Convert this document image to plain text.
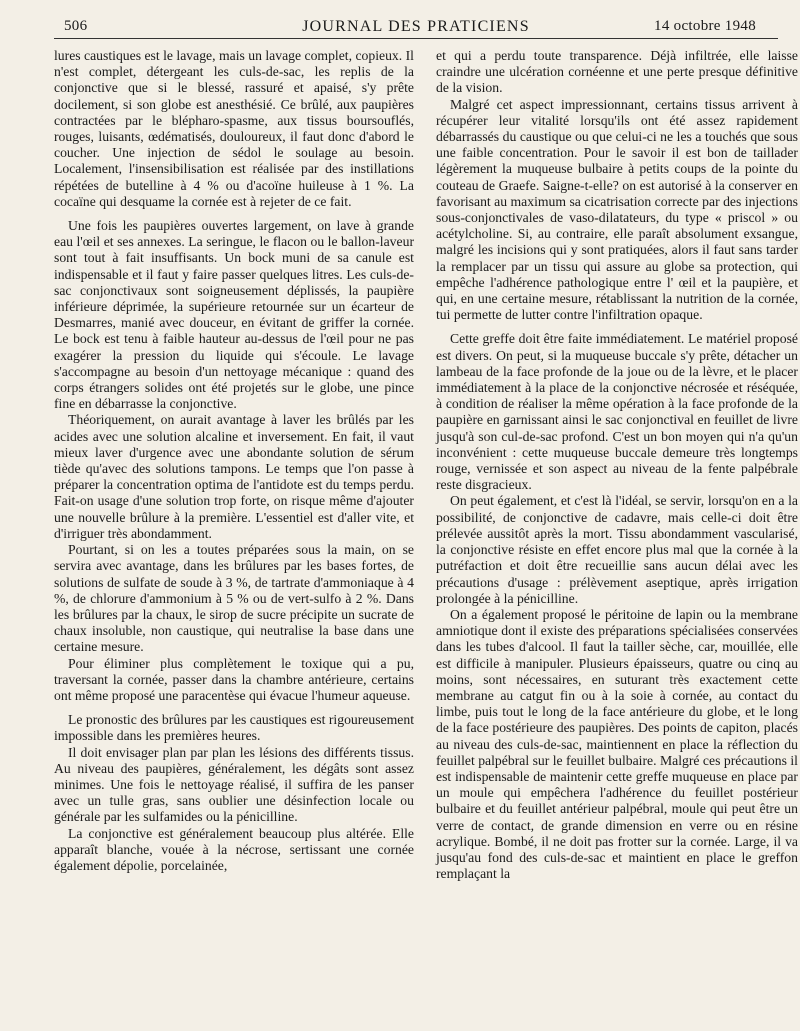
506	JOURNAL DES PRATICIENS	14 octobre 1948

lures caustiques est le lavage, mais un lavage complet, copieux. Il n'est complet, détergeant les culs-de-sac, les replis de la conjonctive que si le blessé, rassuré et apaisé, s'y prête docilement, si son globe est anesthésié. Ce brûlé, aux paupières contractées par le blépharo-spasme, aux tissus boursouflés, rouges, luisants, œdématisés, douloureux, il faut donc d'abord le coucher. Une injection de sédol le soulage au besoin. Localement, l'insensibilisation est réalisée par des instillations répétées de butelline à 4 % ou d'acoïne huileuse à 1 %. La cocaïne qui desquame la cornée est à rejeter de ce fait.

Une fois les paupières ouvertes largement, on lave à grande eau l'œil et ses annexes. La seringue, le flacon ou le ballon-laveur sont tout à fait insuffisants. Un bock muni de sa canule est indispensable et il faut y faire passer quelques litres. Les culs-de-sac conjonctivaux sont soigneusement déplissés, la paupière inférieure déprimée, la supérieure retournée sur un écarteur de Desmarres, manié avec douceur, en évitant de griffer la cornée. Le bock est tenu à faible hauteur au-dessus de l'œil pour ne pas exagérer la pression du liquide qui s'écoule. Le lavage s'accompagne au besoin d'un nettoyage mécanique : quand des corps étrangers solides ont été projetés sur le globe, une pince fine en débarrasse la conjonctive.

Théoriquement, on aurait avantage à laver les brûlés par les acides avec une solution alcaline et inversement. En fait, il vaut mieux laver d'urgence avec une abondante solution de sérum tiède qu'avec des solutions tampons. Le temps que l'on passe à préparer la concentration optima de l'antidote est du temps perdu. Fait-on usage d'une solution trop forte, on risque même d'ajouter une nouvelle brûlure à la première. L'essentiel est d'aller vite, et d'irriguer très abondamment.

Pourtant, si on les a toutes préparées sous la main, on se servira avec avantage, dans les brûlures par les bases fortes, de solutions de sulfate de soude à 3 %, de tartrate d'ammoniaque à 4 %, de chlorure d'ammonium à 5 % ou de vert-sulfo à 2 %. Dans les brûlures par la chaux, le sirop de sucre précipite un sucrate de chaux insoluble, non caustique, qui neutralise la base dans une certaine mesure.

Pour éliminer plus complètement le toxique qui a pu, traversant la cornée, passer dans la chambre antérieure, certains ont même proposé une paracentèse qui évacue l'humeur aqueuse.

Le pronostic des brûlures par les caustiques est rigoureusement impossible dans les premières heures.

Il doit envisager plan par plan les lésions des différents tissus. Au niveau des paupières, généralement, les dégâts sont assez minimes. Une fois le nettoyage réalisé, il suffira de les panser avec un tulle gras, sans oublier une désinfection locale ou générale par les sulfamides ou la pénicilline.

La conjonctive est généralement beaucoup plus altérée. Elle apparaît blanche, vouée à la nécrose, sertissant une cornée également dépolie, porcelainée,

et qui a perdu toute transparence. Déjà infiltrée, elle laisse craindre une ulcération cornéenne et une perte presque définitive de la vision.

Malgré cet aspect impressionnant, certains tissus arrivent à récupérer leur vitalité lorsqu'ils ont été assez rapidement débarrassés du caustique ou que celui-ci ne les a touchés que sous une faible concentration. Pour le savoir il est bon de taillader légèrement la muqueuse bulbaire à petits coups de la pointe du couteau de Graefe. Saigne-t-elle? on est autorisé à la conserver en favorisant au maximum sa cicatrisation correcte par des injections sous-conjonctivales de vaso-dilatateurs, du type « priscol » ou acétylcholine. Si, au contraire, elle paraît absolument exsangue, malgré les incisions qui y sont pratiquées, alors il faut sans tarder la remplacer par un tissu qui assure au globe sa protection, qui empêche l'adhérence pathologique entre l' œil et la paupière, et qui, en une certaine mesure, rétablissant la nutrition de la cornée, tui permette de lutter contre l'infiltration opaque.

Cette greffe doit être faite immédiatement. Le matériel proposé est divers. On peut, si la muqueuse buccale s'y prête, détacher un lambeau de la face profonde de la joue ou de la lèvre, et le placer immédiatement à la place de la conjonctive nécrosée et réséquée, à condition de réaliser la même opération à la face profonde de la paupière en garnissant ainsi le sac conjonctival en feuillet de livre jusqu'à son cul-de-sac profond. C'est un bon moyen qui n'a qu'un inconvénient : cette muqueuse buccale demeure très longtemps rouge, vernissée et son aspect au niveau de la fente palpébrale reste disgracieux.

On peut également, et c'est là l'idéal, se servir, lorsqu'on en a la possibilité, de conjonctive de cadavre, mais celle-ci doit être prélevée aussitôt après la mort. Tissu abondamment vascularisé, la conjonctive résiste en effet encore plus mal que la cornée à la putréfaction et doit être recueillie sans aucun délai avec les précautions d'usage : prélèvement aseptique, après irrigation prolongée à la pénicilline.

On a également proposé le péritoine de lapin ou la membrane amniotique dont il existe des préparations spécialisées conservées dans les tubes d'alcool. Il faut la tailler sèche, car, mouillée, elle est difficile à manipuler. Plusieurs épaisseurs, quatre ou cinq au moins, sont nécessaires, en suturant très exactement cette membrane au catgut fin ou à la soie à cornée, au contact du limbe, puis tout le long de la face antérieure du globe, et le long de la face postérieure des paupières. Des points de capiton, placés au niveau des culs-de-sac, maintiennent en place la réflection du feuillet palpébral sur le feuillet bulbaire. Malgré ces précautions il est indispensable de maintenir cette greffe muqueuse en place par un moule qui empêchera l'adhérence du feuillet postérieur bulbaire et du feuillet antérieur palpébral, moule qui peut être un verre de contact, de grande dimension en verre ou en résine acrylique. Bombé, il ne doit pas frotter sur la cornée. Large, il va jusqu'au fond des culs-de-sac et maintient en place le greffon remplaçant la
